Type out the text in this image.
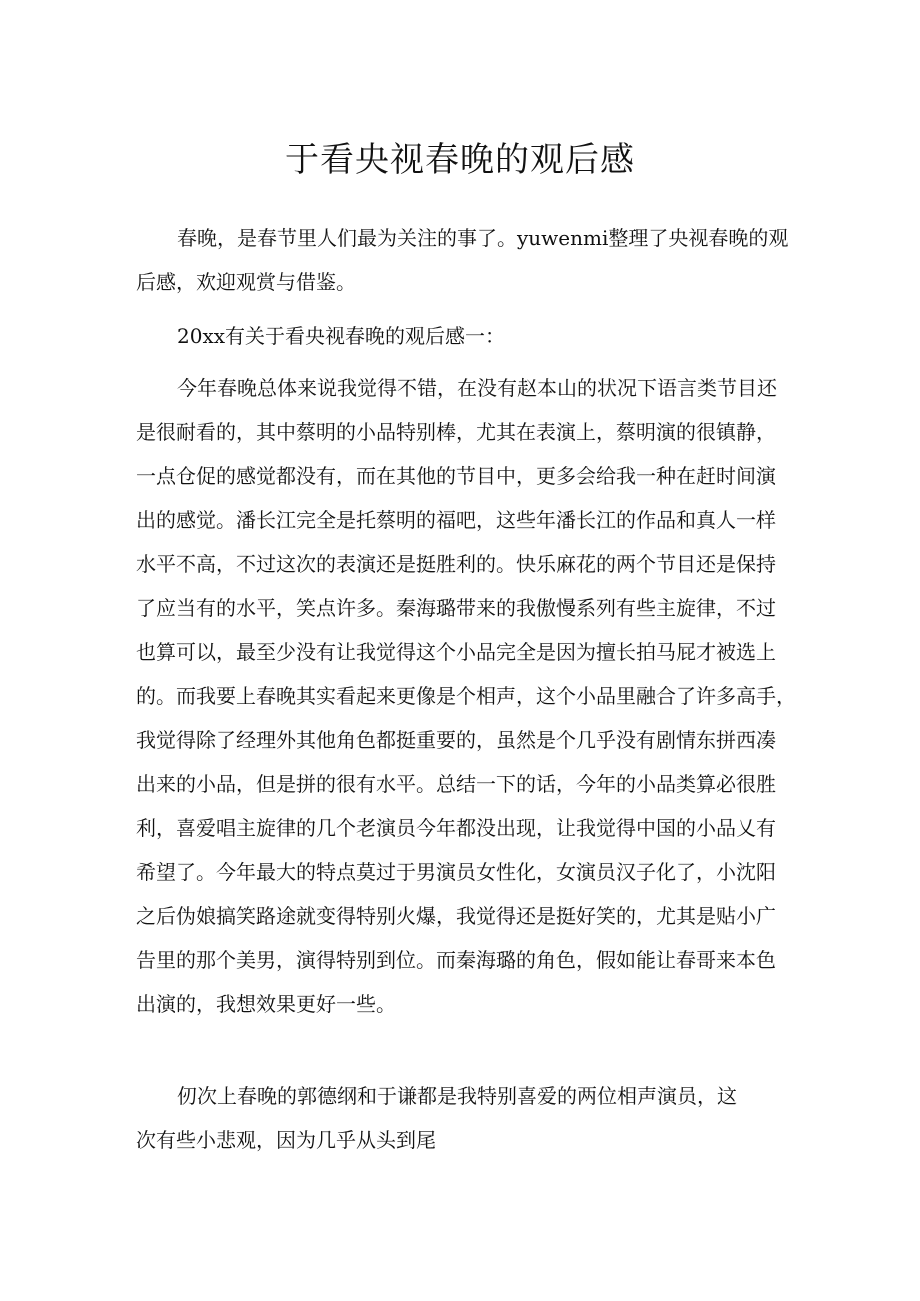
于看央视春晚的观后感

春晚，是春节里人们最为关注的事了。yuwenmi整理了央视春晚的观

后感，欢迎观赏与借鉴。

20xx有关于看央视春晚的观后感一：

今年春晚总体来说我觉得不错，在没有赵本山的状况下语言类节目还

是很耐看的，其中蔡明的小品特别棒，尤其在表演上，蔡明演的很镇静，

一点仓促的感觉都没有，而在其他的节目中，更多会给我一种在赶时间演

出的感觉。潘长江完全是托蔡明的福吧，这些年潘长江的作品和真人一样

水平不高，不过这次的表演还是挺胜利的。快乐麻花的两个节目还是保持

了应当有的水平，笑点许多。秦海璐带来的我傲慢系列有些主旋律，不过

也算可以，最至少没有让我觉得这个小品完全是因为擅长拍马屁才被选上

的。而我要上春晚其实看起来更像是个相声，这个小品里融合了许多高手，

我觉得除了经理外其他角色都挺重要的，虽然是个几乎没有剧情东拼西凑

出来的小品，但是拼的很有水平。总结一下的话，今年的小品类算必很胜

利，喜爱唱主旋律的几个老演员今年都没出现，让我觉得中国的小品乂有

希望了。今年最大的特点莫过于男演员女性化，女演员汉子化了，小沈阳

之后伪娘搞笑路途就变得特别火爆，我觉得还是挺好笑的，尤其是贴小广

告里的那个美男，演得特别到位。而秦海璐的角色，假如能让春哥来本色

出演的，我想效果更好一些。

仞次上春晚的郭德纲和于谦都是我特别喜爱的两位相声演员，这

次有些小悲观，因为几乎从头到尾
